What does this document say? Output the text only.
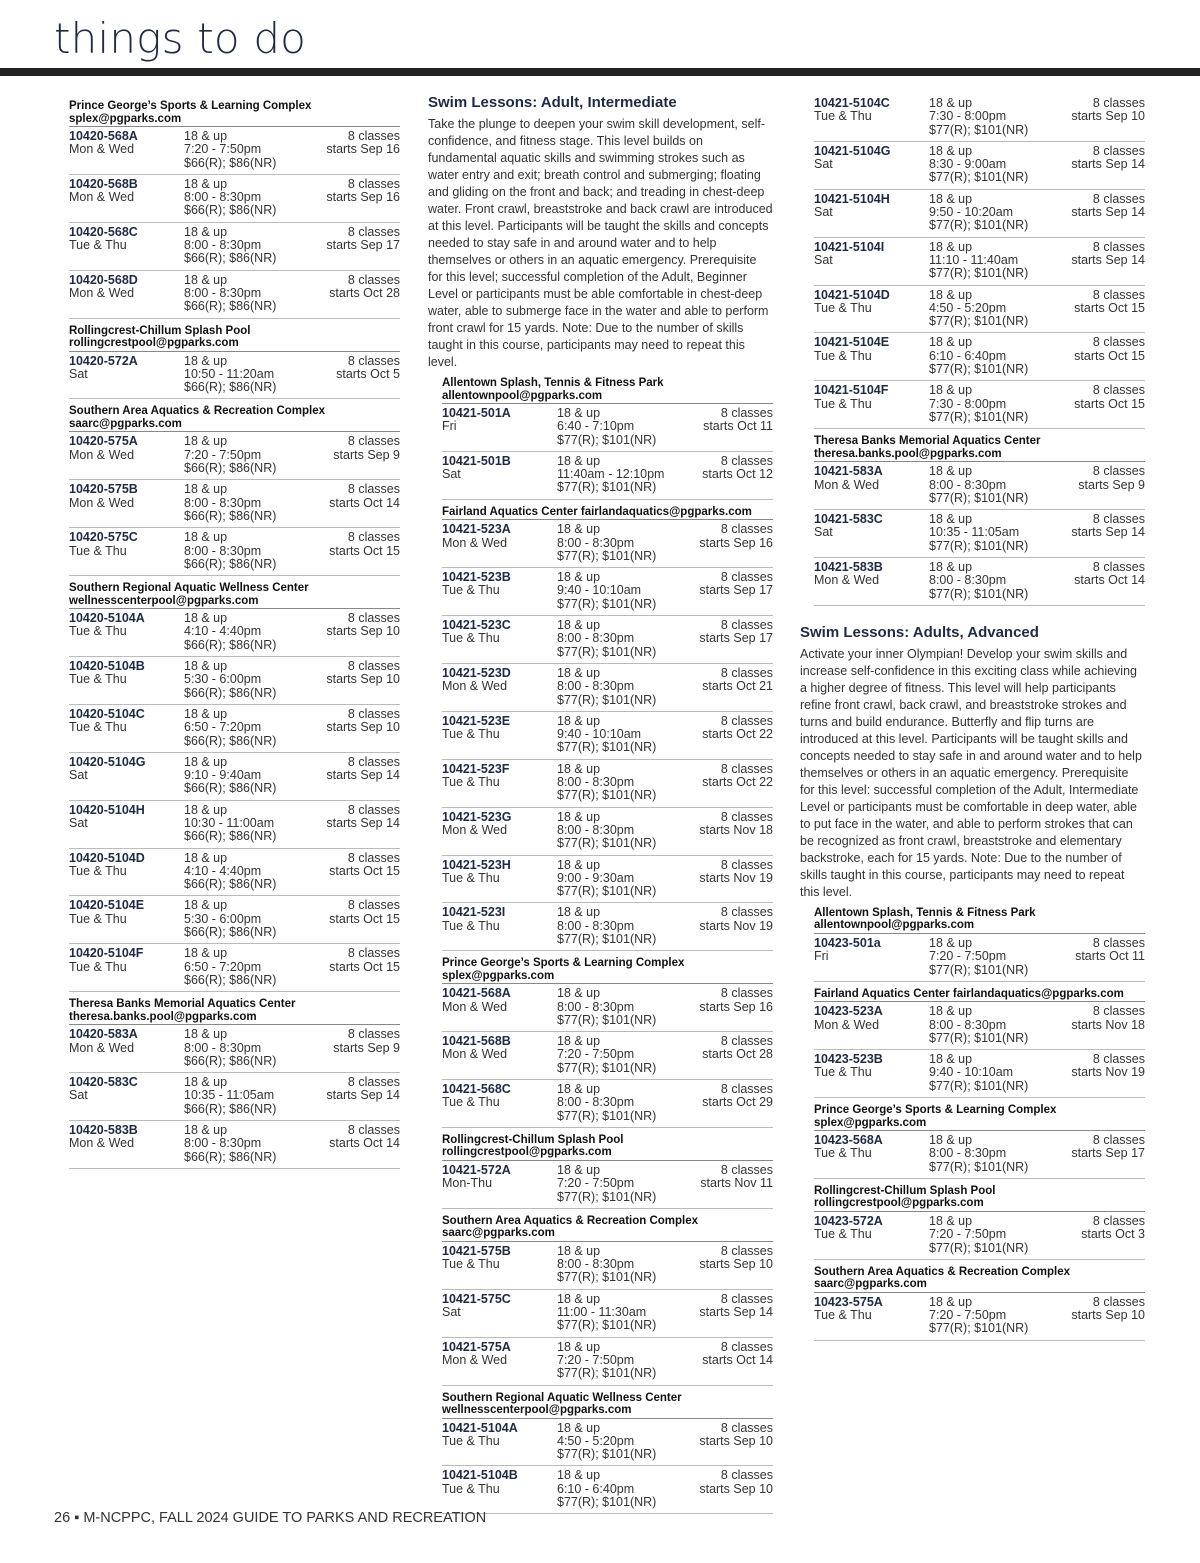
things to do
Prince George’s Sports & Learning Complex
splex@pgparks.com
10420-568A	18 & up	8 classes
Mon & Wed	7:20 - 7:50pm	starts Sep 16
$66(R); $86(NR)
10420-568B	18 & up	8 classes
Mon & Wed	8:00 - 8:30pm	starts Sep 16
$66(R); $86(NR)
10420-568C	18 & up	8 classes
Tue & Thu	8:00 - 8:30pm	starts Sep 17
$66(R); $86(NR)
10420-568D	18 & up	8 classes
Mon & Wed	8:00 - 8:30pm	starts Oct 28
$66(R); $86(NR)
Rollingcrest-Chillum Splash Pool
rollingcrestpool@pgparks.com
10420-572A	18 & up	8 classes
Sat	10:50 - 11:20am	starts Oct 5
$66(R); $86(NR)
Southern Area Aquatics & Recreation Complex
saarc@pgparks.com
10420-575A	18 & up	8 classes
Mon & Wed	7:20 - 7:50pm	starts Sep 9
$66(R); $86(NR)
10420-575B	18 & up	8 classes
Mon & Wed	8:00 - 8:30pm	starts Oct 14
$66(R); $86(NR)
10420-575C	18 & up	8 classes
Tue & Thu	8:00 - 8:30pm	starts Oct 15
$66(R); $86(NR)
Southern Regional Aquatic Wellness Center
wellnesscenterpool@pgparks.com
10420-5104A	18 & up	8 classes
Tue & Thu	4:10 - 4:40pm	starts Sep 10
$66(R); $86(NR)
10420-5104B	18 & up	8 classes
Tue & Thu	5:30 - 6:00pm	starts Sep 10
$66(R); $86(NR)
10420-5104C	18 & up	8 classes
Tue & Thu	6:50 - 7:20pm	starts Sep 10
$66(R); $86(NR)
10420-5104G	18 & up	8 classes
Sat	9:10 - 9:40am	starts Sep 14
$66(R); $86(NR)
10420-5104H	18 & up	8 classes
Sat	10:30 - 11:00am	starts Sep 14
$66(R); $86(NR)
10420-5104D	18 & up	8 classes
Tue & Thu	4:10 - 4:40pm	starts Oct 15
$66(R); $86(NR)
10420-5104E	18 & up	8 classes
Tue & Thu	5:30 - 6:00pm	starts Oct 15
$66(R); $86(NR)
10420-5104F	18 & up	8 classes
Tue & Thu	6:50 - 7:20pm	starts Oct 15
$66(R); $86(NR)
Theresa Banks Memorial Aquatics Center
theresa.banks.pool@pgparks.com
10420-583A	18 & up	8 classes
Mon & Wed	8:00 - 8:30pm	starts Sep 9
$66(R); $86(NR)
10420-583C	18 & up	8 classes
Sat	10:35 - 11:05am	starts Sep 14
$66(R); $86(NR)
10420-583B	18 & up	8 classes
Mon & Wed	8:00 - 8:30pm	starts Oct 14
$66(R); $86(NR)
Swim Lessons: Adult, Intermediate
Take the plunge to deepen your swim skill development, self-confidence, and fitness stage. This level builds on fundamental aquatic skills and swimming strokes such as water entry and exit; breath control and submerging; floating and gliding on the front and back; and treading in chest-deep water. Front crawl, breaststroke and back crawl are introduced at this level. Participants will be taught the skills and concepts needed to stay safe in and around water and to help themselves or others in an aquatic emergency. Prerequisite for this level; successful completion of the Adult, Beginner Level or participants must be able comfortable in chest-deep water, able to submerge face in the water and able to perform front crawl for 15 yards. Note: Due to the number of skills taught in this course, participants may need to repeat this level.
Allentown Splash, Tennis & Fitness Park
allentownpool@pgparks.com
10421-501A	18 & up	8 classes
Fri	6:40 - 7:10pm	starts Oct 11
$77(R); $101(NR)
10421-501B	18 & up	8 classes
Sat	11:40am - 12:10pm	starts Oct 12
$77(R); $101(NR)
Fairland Aquatics Center fairlandaquatics@pgparks.com
10421-523A	18 & up	8 classes
Mon & Wed	8:00 - 8:30pm	starts Sep 16
$77(R); $101(NR)
10421-523B	18 & up	8 classes
Tue & Thu	9:40 - 10:10am	starts Sep 17
$77(R); $101(NR)
10421-523C	18 & up	8 classes
Tue & Thu	8:00 - 8:30pm	starts Sep 17
$77(R); $101(NR)
10421-523D	18 & up	8 classes
Mon & Wed	8:00 - 8:30pm	starts Oct 21
$77(R); $101(NR)
10421-523E	18 & up	8 classes
Tue & Thu	9:40 - 10:10am	starts Oct 22
$77(R); $101(NR)
10421-523F	18 & up	8 classes
Tue & Thu	8:00 - 8:30pm	starts Oct 22
$77(R); $101(NR)
10421-523G	18 & up	8 classes
Mon & Wed	8:00 - 8:30pm	starts Nov 18
$77(R); $101(NR)
10421-523H	18 & up	8 classes
Tue & Thu	9:00 - 9:30am	starts Nov 19
$77(R); $101(NR)
10421-523I	18 & up	8 classes
Tue & Thu	8:00 - 8:30pm	starts Nov 19
$77(R); $101(NR)
Prince George’s Sports & Learning Complex
splex@pgparks.com
10421-568A	18 & up	8 classes
Mon & Wed	8:00 - 8:30pm	starts Sep 16
$77(R); $101(NR)
10421-568B	18 & up	8 classes
Mon & Wed	7:20 - 7:50pm	starts Oct 28
$77(R); $101(NR)
10421-568C	18 & up	8 classes
Tue & Thu	8:00 - 8:30pm	starts Oct 29
$77(R); $101(NR)
Rollingcrest-Chillum Splash Pool
rollingcrestpool@pgparks.com
10421-572A	18 & up	8 classes
Mon-Thu	7:20 - 7:50pm	starts Nov 11
$77(R); $101(NR)
Southern Area Aquatics & Recreation Complex
saarc@pgparks.com
10421-575B	18 & up	8 classes
Tue & Thu	8:00 - 8:30pm	starts Sep 10
$77(R); $101(NR)
10421-575C	18 & up	8 classes
Sat	11:00 - 11:30am	starts Sep 14
$77(R); $101(NR)
10421-575A	18 & up	8 classes
Mon & Wed	7:20 - 7:50pm	starts Oct 14
$77(R); $101(NR)
Southern Regional Aquatic Wellness Center
wellnesscenterpool@pgparks.com
10421-5104A	18 & up	8 classes
Tue & Thu	4:50 - 5:20pm	starts Sep 10
$77(R); $101(NR)
10421-5104B	18 & up	8 classes
Tue & Thu	6:10 - 6:40pm	starts Sep 10
$77(R); $101(NR)
10421-5104C	18 & up	8 classes
Tue & Thu	7:30 - 8:00pm	starts Sep 10
$77(R); $101(NR)
10421-5104G	18 & up	8 classes
Sat	8:30 - 9:00am	starts Sep 14
$77(R); $101(NR)
10421-5104H	18 & up	8 classes
Sat	9:50 - 10:20am	starts Sep 14
$77(R); $101(NR)
10421-5104I	18 & up	8 classes
Sat	11:10 - 11:40am	starts Sep 14
$77(R); $101(NR)
10421-5104D	18 & up	8 classes
Tue & Thu	4:50 - 5:20pm	starts Oct 15
$77(R); $101(NR)
10421-5104E	18 & up	8 classes
Tue & Thu	6:10 - 6:40pm	starts Oct 15
$77(R); $101(NR)
10421-5104F	18 & up	8 classes
Tue & Thu	7:30 - 8:00pm	starts Oct 15
$77(R); $101(NR)
Theresa Banks Memorial Aquatics Center
theresa.banks.pool@pgparks.com
10421-583A	18 & up	8 classes
Mon & Wed	8:00 - 8:30pm	starts Sep 9
$77(R); $101(NR)
10421-583C	18 & up	8 classes
Sat	10:35 - 11:05am	starts Sep 14
$77(R); $101(NR)
10421-583B	18 & up	8 classes
Mon & Wed	8:00 - 8:30pm	starts Oct 14
$77(R); $101(NR)
Swim Lessons: Adults, Advanced
Activate your inner Olympian! Develop your swim skills and increase self-confidence in this exciting class while achieving a higher degree of fitness. This level will help participants refine front crawl, back crawl, and breaststroke strokes and turns and build endurance. Butterfly and flip turns are introduced at this level. Participants will be taught skills and concepts needed to stay safe in and around water and to help themselves or others in an aquatic emergency. Prerequisite for this level: successful completion of the Adult, Intermediate Level or participants must be comfortable in deep water, able to put face in the water, and able to perform strokes that can be recognized as front crawl, breaststroke and elementary backstroke, each for 15 yards. Note: Due to the number of skills taught in this course, participants may need to repeat this level.
Allentown Splash, Tennis & Fitness Park
allentownpool@pgparks.com
10423-501a	18 & up	8 classes
Fri	7:20 - 7:50pm	starts Oct 11
$77(R); $101(NR)
Fairland Aquatics Center fairlandaquatics@pgparks.com
10423-523A	18 & up	8 classes
Mon & Wed	8:00 - 8:30pm	starts Nov 18
$77(R); $101(NR)
10423-523B	18 & up	8 classes
Tue & Thu	9:40 - 10:10am	starts Nov 19
$77(R); $101(NR)
Prince George’s Sports & Learning Complex
splex@pgparks.com
10423-568A	18 & up	8 classes
Tue & Thu	8:00 - 8:30pm	starts Sep 17
$77(R); $101(NR)
Rollingcrest-Chillum Splash Pool
rollingcrestpool@pgparks.com
10423-572A	18 & up	8 classes
Tue & Thu	7:20 - 7:50pm	starts Oct 3
$77(R); $101(NR)
Southern Area Aquatics & Recreation Complex
saarc@pgparks.com
10423-575A	18 & up	8 classes
Tue & Thu	7:20 - 7:50pm	starts Sep 10
$77(R); $101(NR)
26 ▪ M-NCPPC, FALL 2024 GUIDE TO PARKS AND RECREATION
